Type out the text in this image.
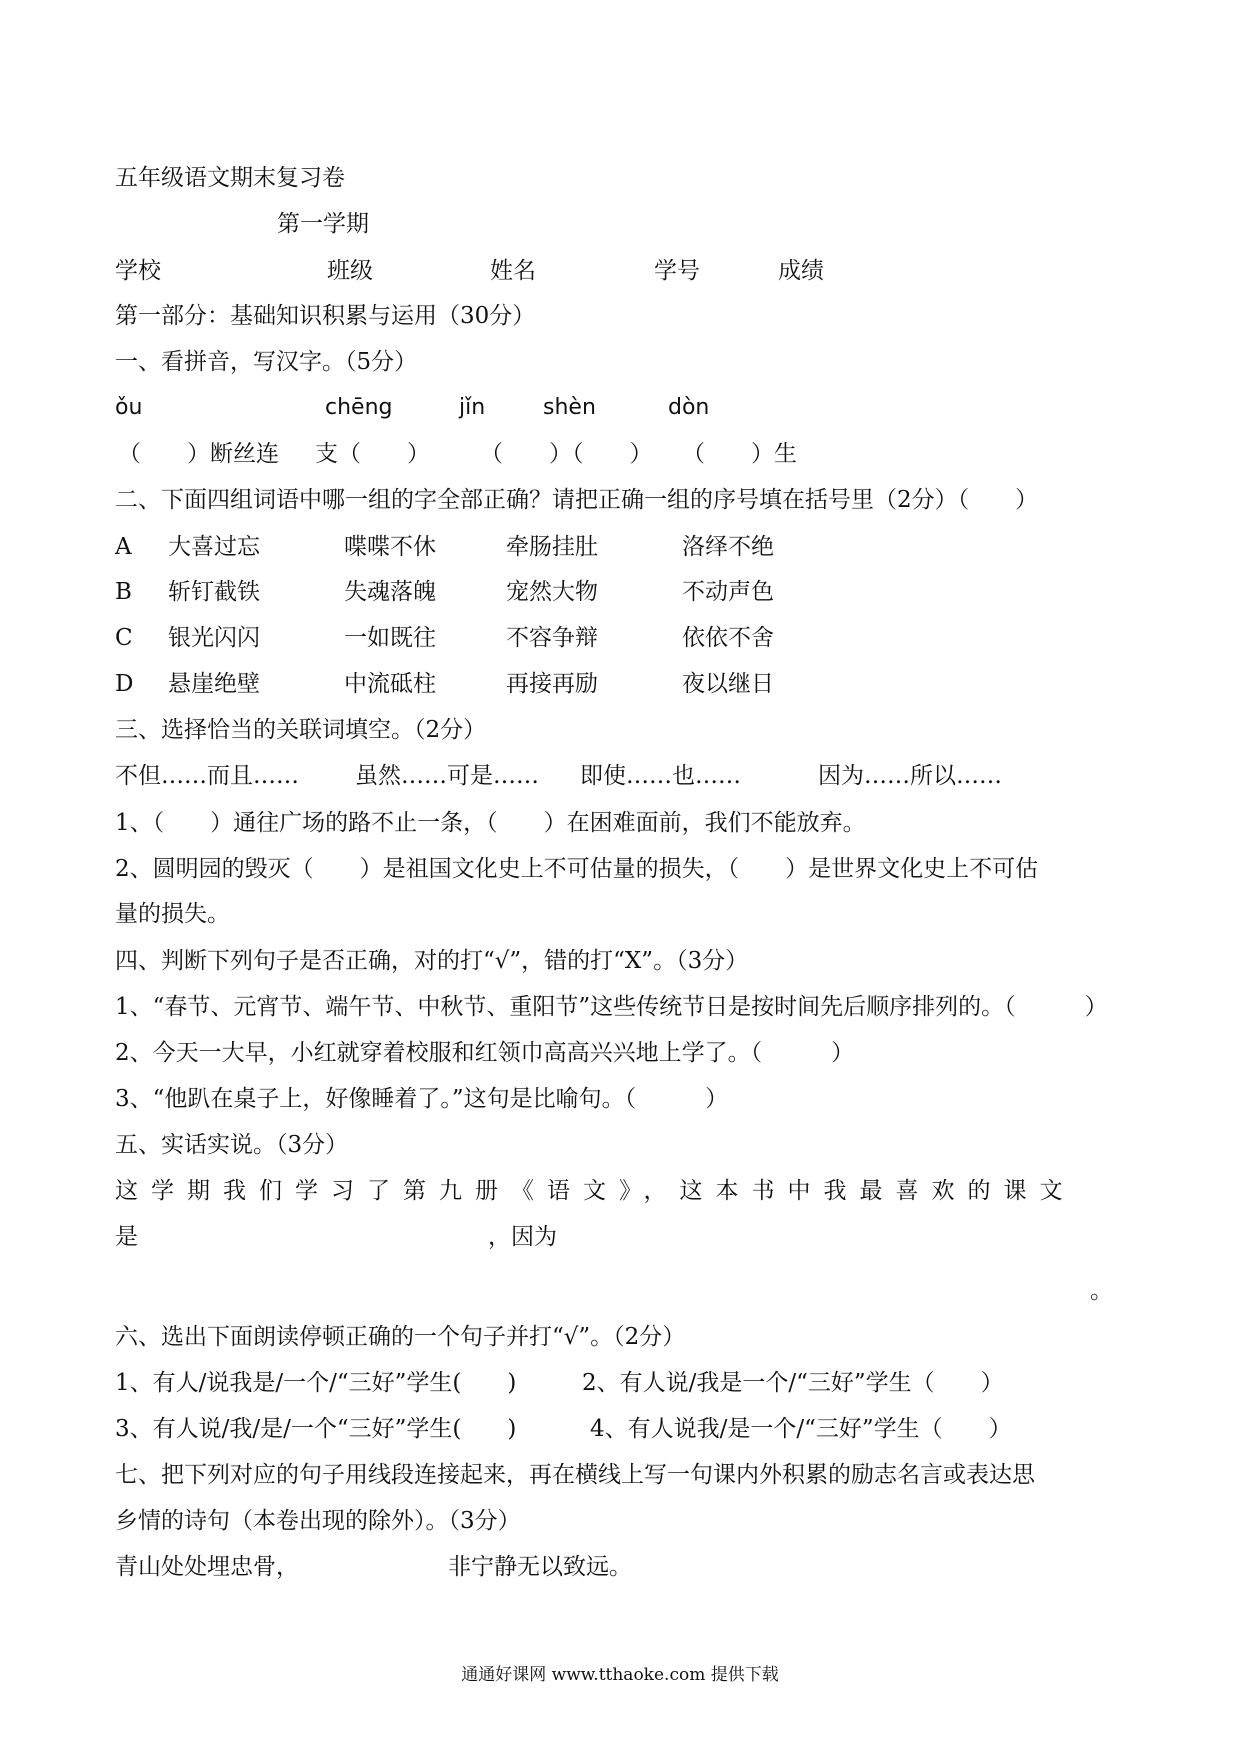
五年级语文期末复习卷
第一学期
学校	班级	姓名	学号	成绩
第一部分：基础知识积累与运用（30分）
一、看拼音，写汉字。（5分）
ǒu	chēng	jǐn	shèn	dòn
（　　）断丝连 支（　　） （　　）（　　） （　　）生
二、下面四组词语中哪一组的字全部正确？请把正确一组的序号填在括号里（2分）（　　）
A 大喜过忘	喋喋不休	牵肠挂肚	洛绎不绝
B 斩钉截铁	失魂落魄	宠然大物	不动声色
C 银光闪闪	一如既往	不容争辩	依依不舍
D 悬崖绝壁	中流砥柱	再接再励	夜以继日
三、选择恰当的关联词填空。（2分）
不但……而且…… 虽然……可是…… 即使……也……	因为……所以……
1、（　　）通往广场的路不止一条，（　　）在困难面前，我们不能放弃。
2、圆明园的毁灭（　　）是祖国文化史上不可估量的损失，（　　）是世界文化史上不可估
量的损失。
四、判断下列句子是否正确，对的打“√”，错的打“X”。（3分）
1、“春节、元宵节、端午节、中秋节、重阳节”这些传统节日是按时间先后顺序排列的。（　　　）
2、今天一大早，小红就穿着校服和红领巾高高兴兴地上学了。（　　　）
3、“他趴在桌子上，好像睡着了。”这句是比喻句。（　　　）
五、实话实说。（3分）
这学期我们学习了第九册《语文》，这本书中我最喜欢的课文
是	，因为
。
六、选出下面朗读停顿正确的一个句子并打“√”。（2分）
1、有人/说我是/一个/“三好”学生(　　)	2、有人说/我是一个/“三好”学生（　　）
3、有人说/我/是/一个“三好”学生(　　)	4、有人说我/是一个/“三好”学生（　　）
七、把下列对应的句子用线段连接起来，再在横线上写一句课内外积累的励志名言或表达思
乡情的诗句（本卷出现的除外）。（3分）
青山处处埋忠骨，	非宁静无以致远。
通通好课网 www.tthaoke.com 提供下载
